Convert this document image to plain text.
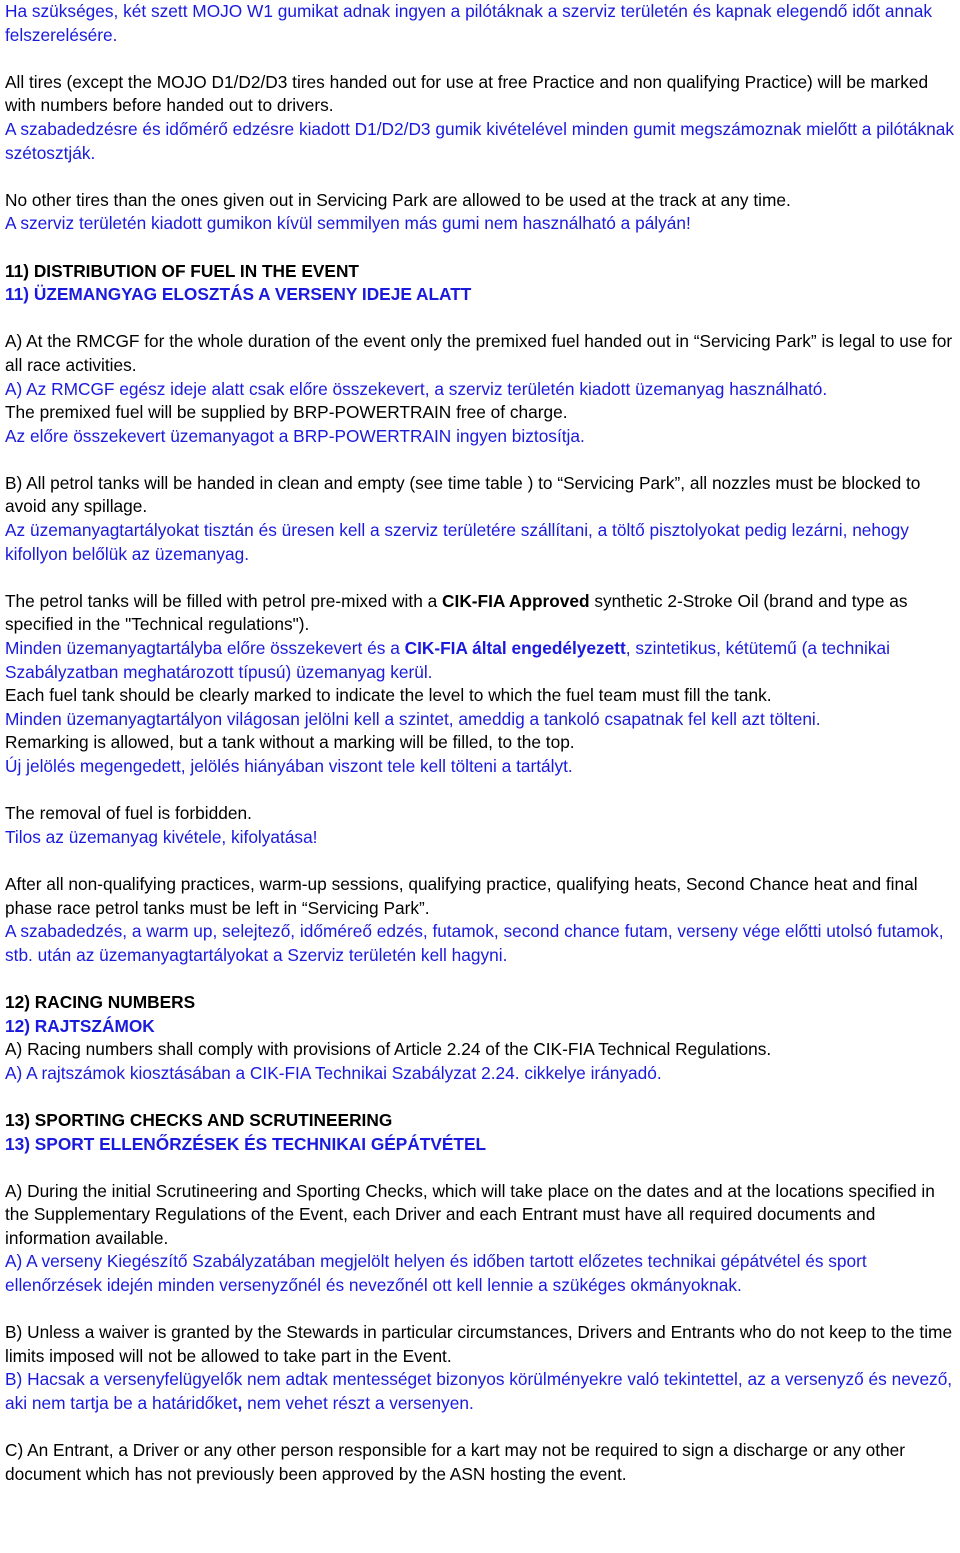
Ha szükséges, két szett MOJO W1 gumikat adnak ingyen a pilótáknak a szerviz területén és kapnak elegendő időt annak felszerelésére.

All tires (except the MOJO D1/D2/D3 tires handed out for use at free Practice and non qualifying Practice) will be marked with numbers before handed out to drivers.

A szabadedzésre és időmérő edzésre kiadott D1/D2/D3 gumik kivételével minden gumit megszámoznak mielőtt a pilótáknak szétosztják.

No other tires than the ones given out in Servicing Park are allowed to be used at the track at any time.

A szerviz területén kiadott gumikon kívül semmilyen más gumi nem használható a pályán!

11) DISTRIBUTION OF FUEL IN THE EVENT

11) ÜZEMANGYAG ELOSZTÁS A VERSENY IDEJE ALATT

A) At the RMCGF for the whole duration of the event only the premixed fuel handed out in “Servicing Park” is legal to use for all race activities.

A) Az RMCGF egész ideje alatt csak előre összekevert, a szerviz területén kiadott üzemanyag használható.

The premixed fuel will be supplied by BRP-POWERTRAIN free of charge.

Az előre összekevert üzemanyagot a BRP-POWERTRAIN ingyen biztosítja.

B) All petrol tanks will be handed in clean and empty (see time table ) to “Servicing Park”, all nozzles must be blocked to avoid any spillage.

Az üzemanyagtartályokat tisztán és üresen kell a szerviz területére szállítani, a töltő pisztolyokat pedig lezárni, nehogy kifollyon belőlük az üzemanyag.

The petrol tanks will be filled with petrol pre-mixed with a CIK-FIA Approved synthetic 2-Stroke Oil (brand and type as specified in the "Technical regulations").

Minden üzemanyagtartályba előre összekevert és a CIK-FIA által engedélyezett, szintetikus, kétütemű (a technikai Szabályzatban meghatározott típusú) üzemanyag kerül.

Each fuel tank should be clearly marked to indicate the level to which the fuel team must fill the tank.

Minden üzemanyagtartályon világosan jelölni kell a szintet, ameddig a tankoló csapatnak fel kell azt tölteni.

Remarking is allowed, but a tank without a marking will be filled, to the top.

Új jelölés megengedett, jelölés hiányában viszont tele kell tölteni a tartályt.

The removal of fuel is forbidden.

Tilos az üzemanyag kivétele, kifolyatása!

After all non-qualifying practices, warm-up sessions, qualifying practice, qualifying heats, Second Chance heat and final phase race petrol tanks must be left in “Servicing Park”.

A szabadedzés, a warm up, selejtező, időméreő edzés, futamok, second chance futam, verseny vége előtti utolsó futamok, stb. után az üzemanyagtartályokat a Szerviz területén kell hagyni.

12) RACING NUMBERS

12) RAJTSZÁMOK

A) Racing numbers shall comply with provisions of Article 2.24 of the CIK-FIA Technical Regulations.

A) A rajtszámok kiosztásában a CIK-FIA Technikai Szabályzat 2.24. cikkelye irányadó.

13) SPORTING CHECKS AND SCRUTINEERING

13) SPORT ELLENŐRZÉSEK ÉS TECHNIKAI GÉPÁTVÉTEL

A) During the initial Scrutineering and Sporting Checks, which will take place on the dates and at the locations specified in the Supplementary Regulations of the Event, each Driver and each Entrant must have all required documents and information available.

A) A verseny Kiegészítő Szabályzatában megjelölt helyen és időben tartott előzetes technikai gépátvétel és sport ellenőrzések idején minden versenyzőnél és nevezőnél ott kell lennie a szükéges okmányoknak.

B) Unless a waiver is granted by the Stewards in particular circumstances, Drivers and Entrants who do not keep to the time limits imposed will not be allowed to take part in the Event.

B) Hacsak a versenyfelügyelők nem adtak mentességet bizonyos körülményekre való tekintettel, az a versenyző és nevező, aki nem tartja be a határidőket, nem vehet részt a versenyen.

C) An Entrant, a Driver or any other person responsible for a kart may not be required to sign a discharge or any other document which has not previously been approved by the ASN hosting the event.
